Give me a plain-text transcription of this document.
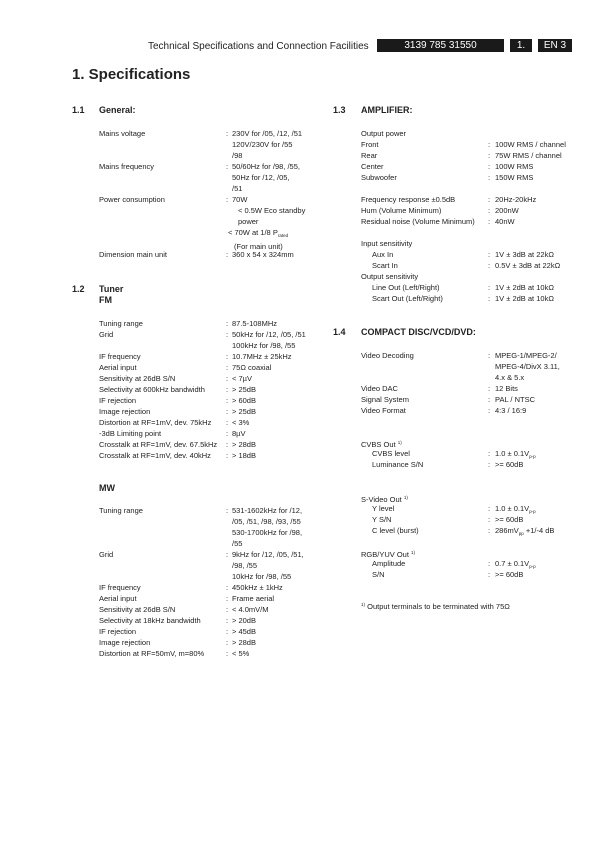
Technical Specifications and Connection Facilities	3139 785 31550	1.	EN 3
1. Specifications
1.1 General:
Mains voltage	: 230V for /05, /12, /51
120V/230V for /55
/98
Mains frequency	: 50/60Hz for /98, /55,
50Hz for /12, /05,
/51
Power consumption	: 70W
< 0.5W Eco standby
power
< 70W at 1/8 $P_{rated}$
(For main unit)
Dimension main unit	: 360 x 54 x 324mm
1.2 Tuner
FM
Tuning range	: 87.5-108MHz
Grid	: 50kHz for /12, /05, /51
100kHz for /98, /55
IF frequency	: 10.7MHz ± 25kHz
Aerial input	: 75Ω coaxial
Sensitivity at 26dB S/N	: < 7µV
Selectivity at 600kHz bandwidth	: > 25dB
IF rejection	: > 60dB
Image rejection	: > 25dB
Distortion at RF=1mV, dev. 75kHz : < 3%
-3dB Limiting point	: 8µV
Crosstalk at RF=1mV, dev. 67.5kHz : > 28dB
Crosstalk at RF=1mV, dev. 40kHz : > 18dB
MW
Tuning range	: 531-1602kHz for /12,
/05, /51, /98, /93, /55
530-1700kHz for /98,
/55
Grid	: 9kHz for /12, /05, /51,
/98, /55
10kHz for /98, /55
IF frequency	: 450kHz ± 1kHz
Aerial input	: Frame aerial
Sensitivity at 26dB S/N	: < 4.0mV/M
Selectivity at 18kHz bandwidth	: > 20dB
IF rejection	: > 45dB
Image rejection	: > 28dB
Distortion at RF=50mV, m=80%	: < 5%
1.3 AMPLIFIER:
Output power
Front	: 100W RMS / channel
Rear	: 75W RMS / channel
Center	: 100W RMS
Subwoofer	: 150W RMS
Frequency response ±0.5dB	: 20Hz-20kHz
Hum (Volume Minimum)	: 200nW
Residual noise (Volume Minimum) : 40nW
Input sensitivity
Aux In	: 1V ± 3dB at 22kΩ
Scart In	: 0.5V ± 3dB at 22kΩ
Output sensitivity
Line Out (Left/Right)	: 1V ± 2dB at 10kΩ
Scart Out (Left/Right)	: 1V ± 2dB at 10kΩ
1.4 COMPACT DISC/VCD/DVD:
Video Decoding	: MPEG-1/MPEG-2/
MPEG-4/DivX 3.11,
4.x & 5.x
Video DAC	: 12 Bits
Signal System	: PAL / NTSC
Video Format	: 4:3 / 16:9
CVBS Out $^{1)}$
CVBS level	: $1.0 \pm 0.1V_{p-p}$
Luminance S/N	: >= 60dB
S-Video Out $^{1)}$
Y level	: $1.0 \pm 0.1V_{p-p}$
Y S/N	: >= 60dB
C level (burst)	: $286mV_{pp} +1/-4$ dB
RGB/YUV Out $^{1)}$
Amplitude	: $0.7 \pm 0.1V_{p-p}$
S/N	: >= 60dB
$^{1)}$ Output terminals to be terminated with 75Ω
